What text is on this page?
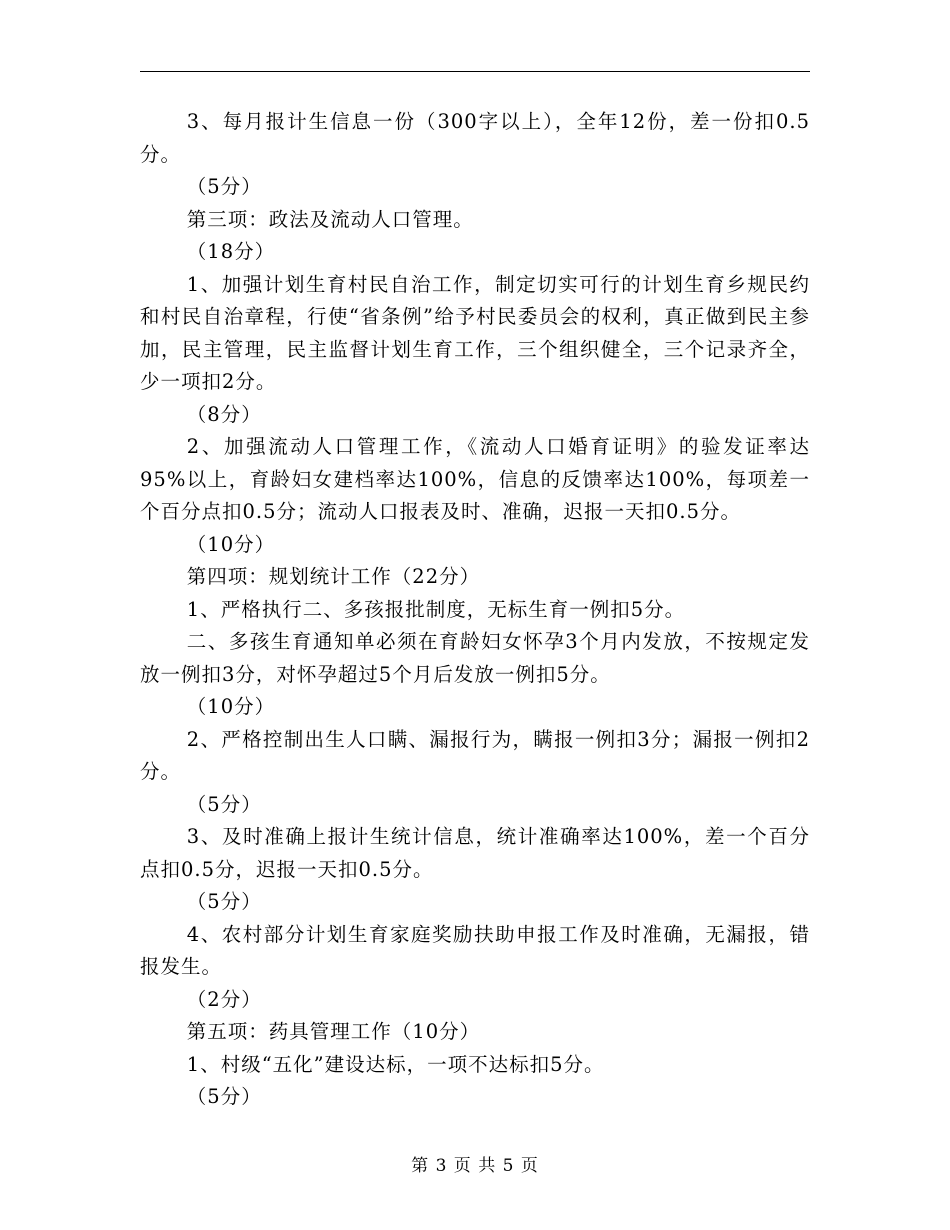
3、每月报计生信息一份（300字以上），全年12份，差一份扣0.5分。

（5分）

第三项：政法及流动人口管理。

（18分）

1、加强计划生育村民自治工作，制定切实可行的计划生育乡规民约和村民自治章程，行使“省条例”给予村民委员会的权利，真正做到民主参加，民主管理，民主监督计划生育工作，三个组织健全，三个记录齐全，少一项扣2分。

（8分）

2、加强流动人口管理工作，《流动人口婚育证明》的验发证率达95%以上，育龄妇女建档率达100%，信息的反馈率达100%，每项差一个百分点扣0.5分；流动人口报表及时、准确，迟报一天扣0.5分。

（10分）

第四项：规划统计工作（22分）

1、严格执行二、多孩报批制度，无标生育一例扣5分。

二、多孩生育通知单必须在育龄妇女怀孕3个月内发放，不按规定发放一例扣3分，对怀孕超过5个月后发放一例扣5分。

（10分）

2、严格控制出生人口瞒、漏报行为，瞒报一例扣3分；漏报一例扣2分。

（5分）

3、及时准确上报计生统计信息，统计准确率达100%，差一个百分点扣0.5分，迟报一天扣0.5分。

（5分）

4、农村部分计划生育家庭奖励扶助申报工作及时准确，无漏报，错报发生。

（2分）

第五项：药具管理工作（10分）

1、村级“五化”建设达标，一项不达标扣5分。

（5分）

第 3 页 共 5 页
